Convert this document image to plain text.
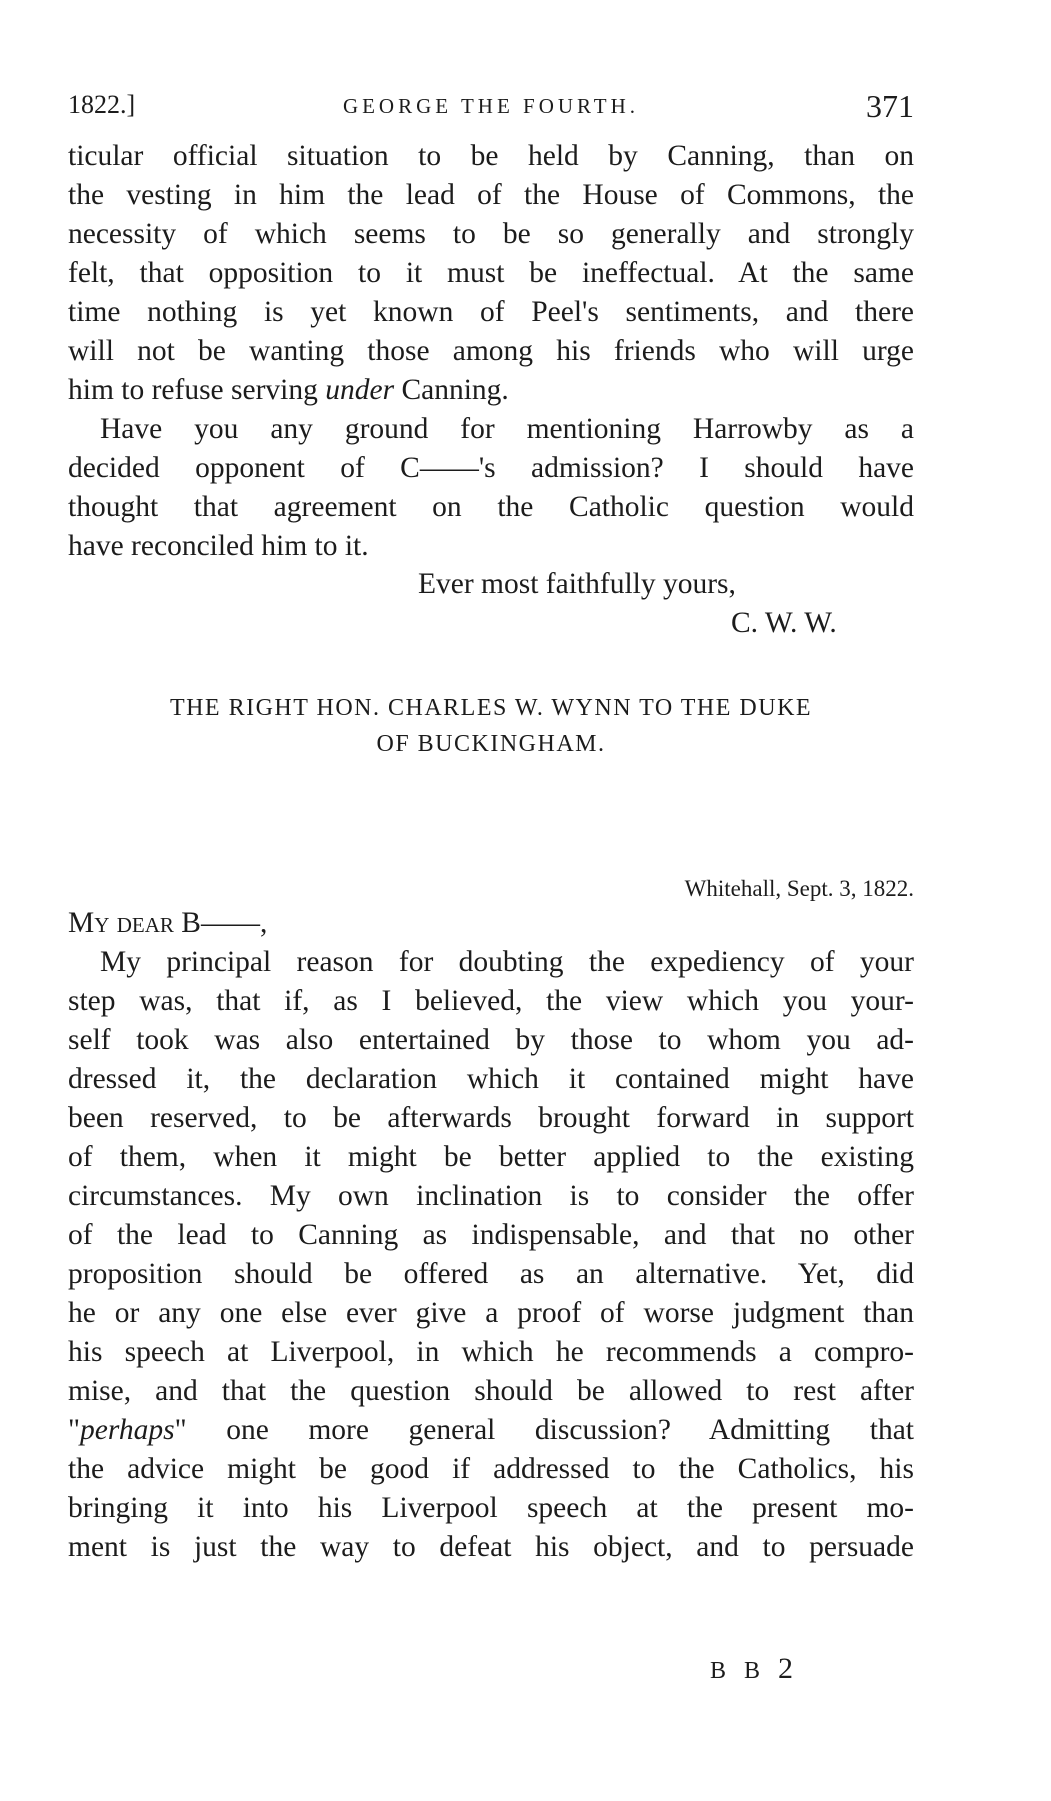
1822.]	GEORGE THE FOURTH.	371
ticular official situation to be held by Canning, than on
the vesting in him the lead of the House of Commons, the
necessity of which seems to be so generally and strongly
felt, that opposition to it must be ineffectual. At the same
time nothing is yet known of Peel's sentiments, and there
will not be wanting those among his friends who will urge
him to refuse serving under Canning.
Have you any ground for mentioning Harrowby as a
decided opponent of C——'s admission? I should have
thought that agreement on the Catholic question would
have reconciled him to it.
Ever most faithfully yours,
C. W. W.
THE RIGHT HON. CHARLES W. WYNN TO THE DUKE
OF BUCKINGHAM.
Whitehall, Sept. 3, 1822.
My dear B——,
My principal reason for doubting the expediency of your
step was, that if, as I believed, the view which you your-
self took was also entertained by those to whom you ad-
dressed it, the declaration which it contained might have
been reserved, to be afterwards brought forward in support
of them, when it might be better applied to the existing
circumstances. My own inclination is to consider the offer
of the lead to Canning as indispensable, and that no other
proposition should be offered as an alternative. Yet, did
he or any one else ever give a proof of worse judgment than
his speech at Liverpool, in which he recommends a compro-
mise, and that the question should be allowed to rest after
"perhaps" one more general discussion? Admitting that
the advice might be good if addressed to the Catholics, his
bringing it into his Liverpool speech at the present mo-
ment is just the way to defeat his object, and to persuade
B B 2
